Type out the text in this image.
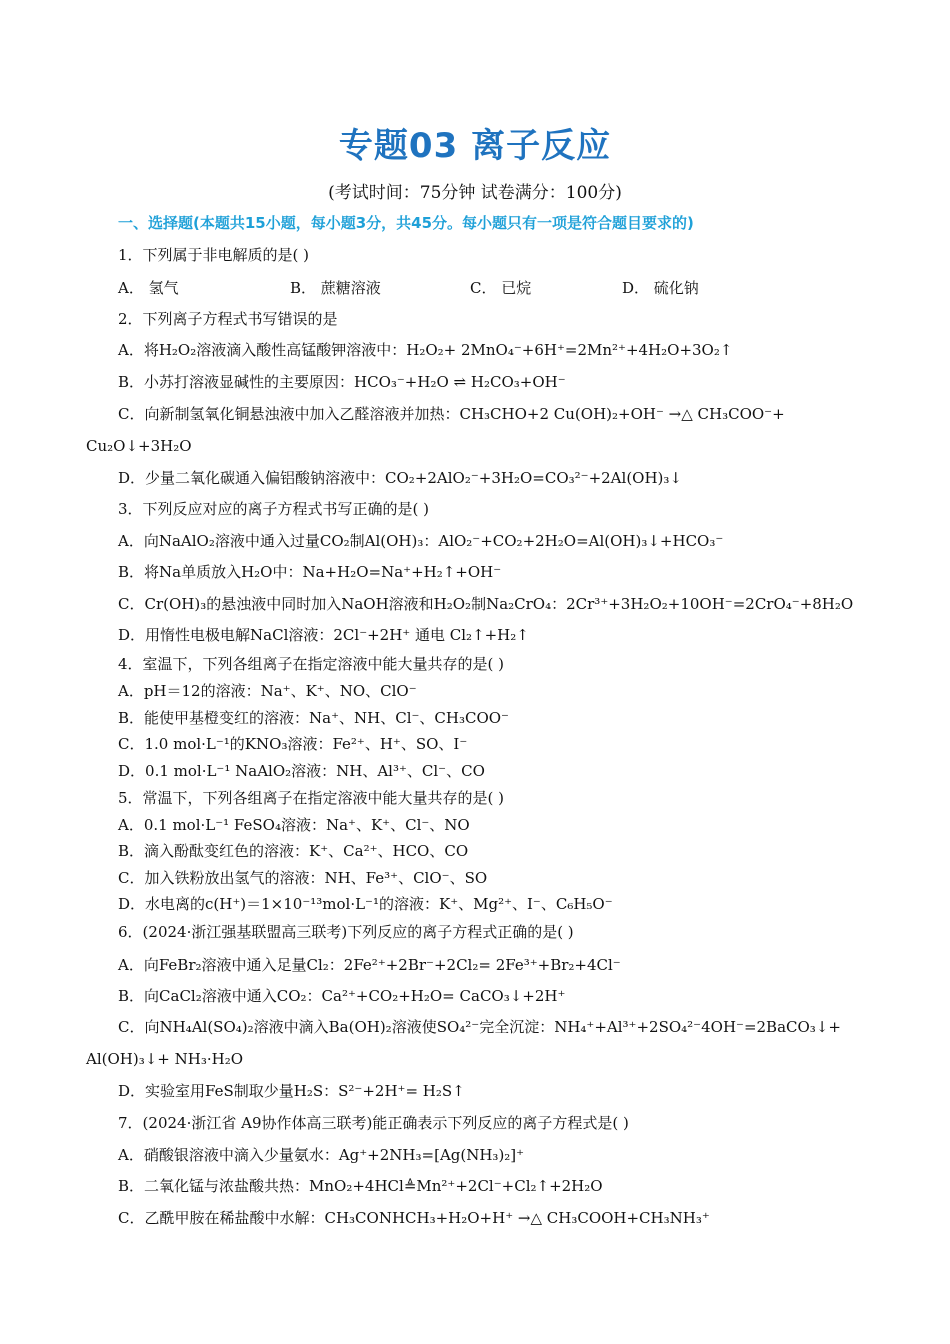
专题03 离子反应
(考试时间：75分钟 试卷满分：100分)
一、选择题(本题共15小题，每小题3分，共45分。每小题只有一项是符合题目要求的)
1．下列属于非电解质的是( )
A． 氢气	B． 蔗糖溶液	C． 已烷	D． 硫化钠
2．下列离子方程式书写错误的是
A．将H₂O₂溶液滴入酸性高锰酸钾溶液中：H₂O₂+ 2MnO₄⁻+6H⁺=2Mn²⁺+4H₂O+3O₂↑
B．小苏打溶液显碱性的主要原因：HCO₃⁻+H₂O ⇌ H₂CO₃+OH⁻
C．向新制氢氧化铜悬浊液中加入乙醛溶液并加热：CH₃CHO+2 Cu(OH)₂+OH⁻ →△ CH₃COO⁻+
Cu₂O↓+3H₂O
D．少量二氧化碳通入偏铝酸钠溶液中：CO₂+2AlO₂⁻+3H₂O=CO₃²⁻+2Al(OH)₃↓
3．下列反应对应的离子方程式书写正确的是( )
A．向NaAlO₂溶液中通入过量CO₂制Al(OH)₃：AlO₂⁻+CO₂+2H₂O=Al(OH)₃↓+HCO₃⁻
B．将Na单质放入H₂O中：Na+H₂O=Na⁺+H₂↑+OH⁻
C．Cr(OH)₃的悬浊液中同时加入NaOH溶液和H₂O₂制Na₂CrO₄：2Cr³⁺+3H₂O₂+10OH⁻=2CrO₄⁻+8H₂O
D．用惰性电极电解NaCl溶液：2Cl⁻+2H⁺ 通电 Cl₂↑+H₂↑
4．室温下，下列各组离子在指定溶液中能大量共存的是( )
A．pH＝12的溶液：Na⁺、K⁺、NO、ClO⁻
B．能使甲基橙变红的溶液：Na⁺、NH、Cl⁻、CH₃COO⁻
C．1.0 mol·L⁻¹的KNO₃溶液：Fe²⁺、H⁺、SO、I⁻
D．0.1 mol·L⁻¹ NaAlO₂溶液：NH、Al³⁺、Cl⁻、CO
5．常温下，下列各组离子在指定溶液中能大量共存的是( )
A．0.1 mol·L⁻¹ FeSO₄溶液：Na⁺、K⁺、Cl⁻、NO
B．滴入酚酞变红色的溶液：K⁺、Ca²⁺、HCO、CO
C．加入铁粉放出氢气的溶液：NH、Fe³⁺、ClO⁻、SO
D．水电离的c(H⁺)＝1×10⁻¹³mol·L⁻¹的溶液：K⁺、Mg²⁺、I⁻、C₆H₅O⁻
6．(2024·浙江强基联盟高三联考)下列反应的离子方程式正确的是( )
A．向FeBr₂溶液中通入足量Cl₂：2Fe²⁺+2Br⁻+2Cl₂= 2Fe³⁺+Br₂+4Cl⁻
B．向CaCl₂溶液中通入CO₂：Ca²⁺+CO₂+H₂O= CaCO₃↓+2H⁺
C．向NH₄Al(SO₄)₂溶液中滴入Ba(OH)₂溶液使SO₄²⁻完全沉淀：NH₄⁺+Al³⁺+2SO₄²⁻4OH⁻=2BaCO₃↓+
Al(OH)₃↓+ NH₃·H₂O
D．实验室用FeS制取少量H₂S：S²⁻+2H⁺= H₂S↑
7．(2024·浙江省 A9协作体高三联考)能正确表示下列反应的离子方程式是( )
A．硝酸银溶液中滴入少量氨水：Ag⁺+2NH₃=[Ag(NH₃)₂]⁺
B．二氧化锰与浓盐酸共热：MnO₂+4HCl≜Mn²⁺+2Cl⁻+Cl₂↑+2H₂O
C．乙酰甲胺在稀盐酸中水解：CH₃CONHCH₃+H₂O+H⁺ →△ CH₃COOH+CH₃NH₃⁺
